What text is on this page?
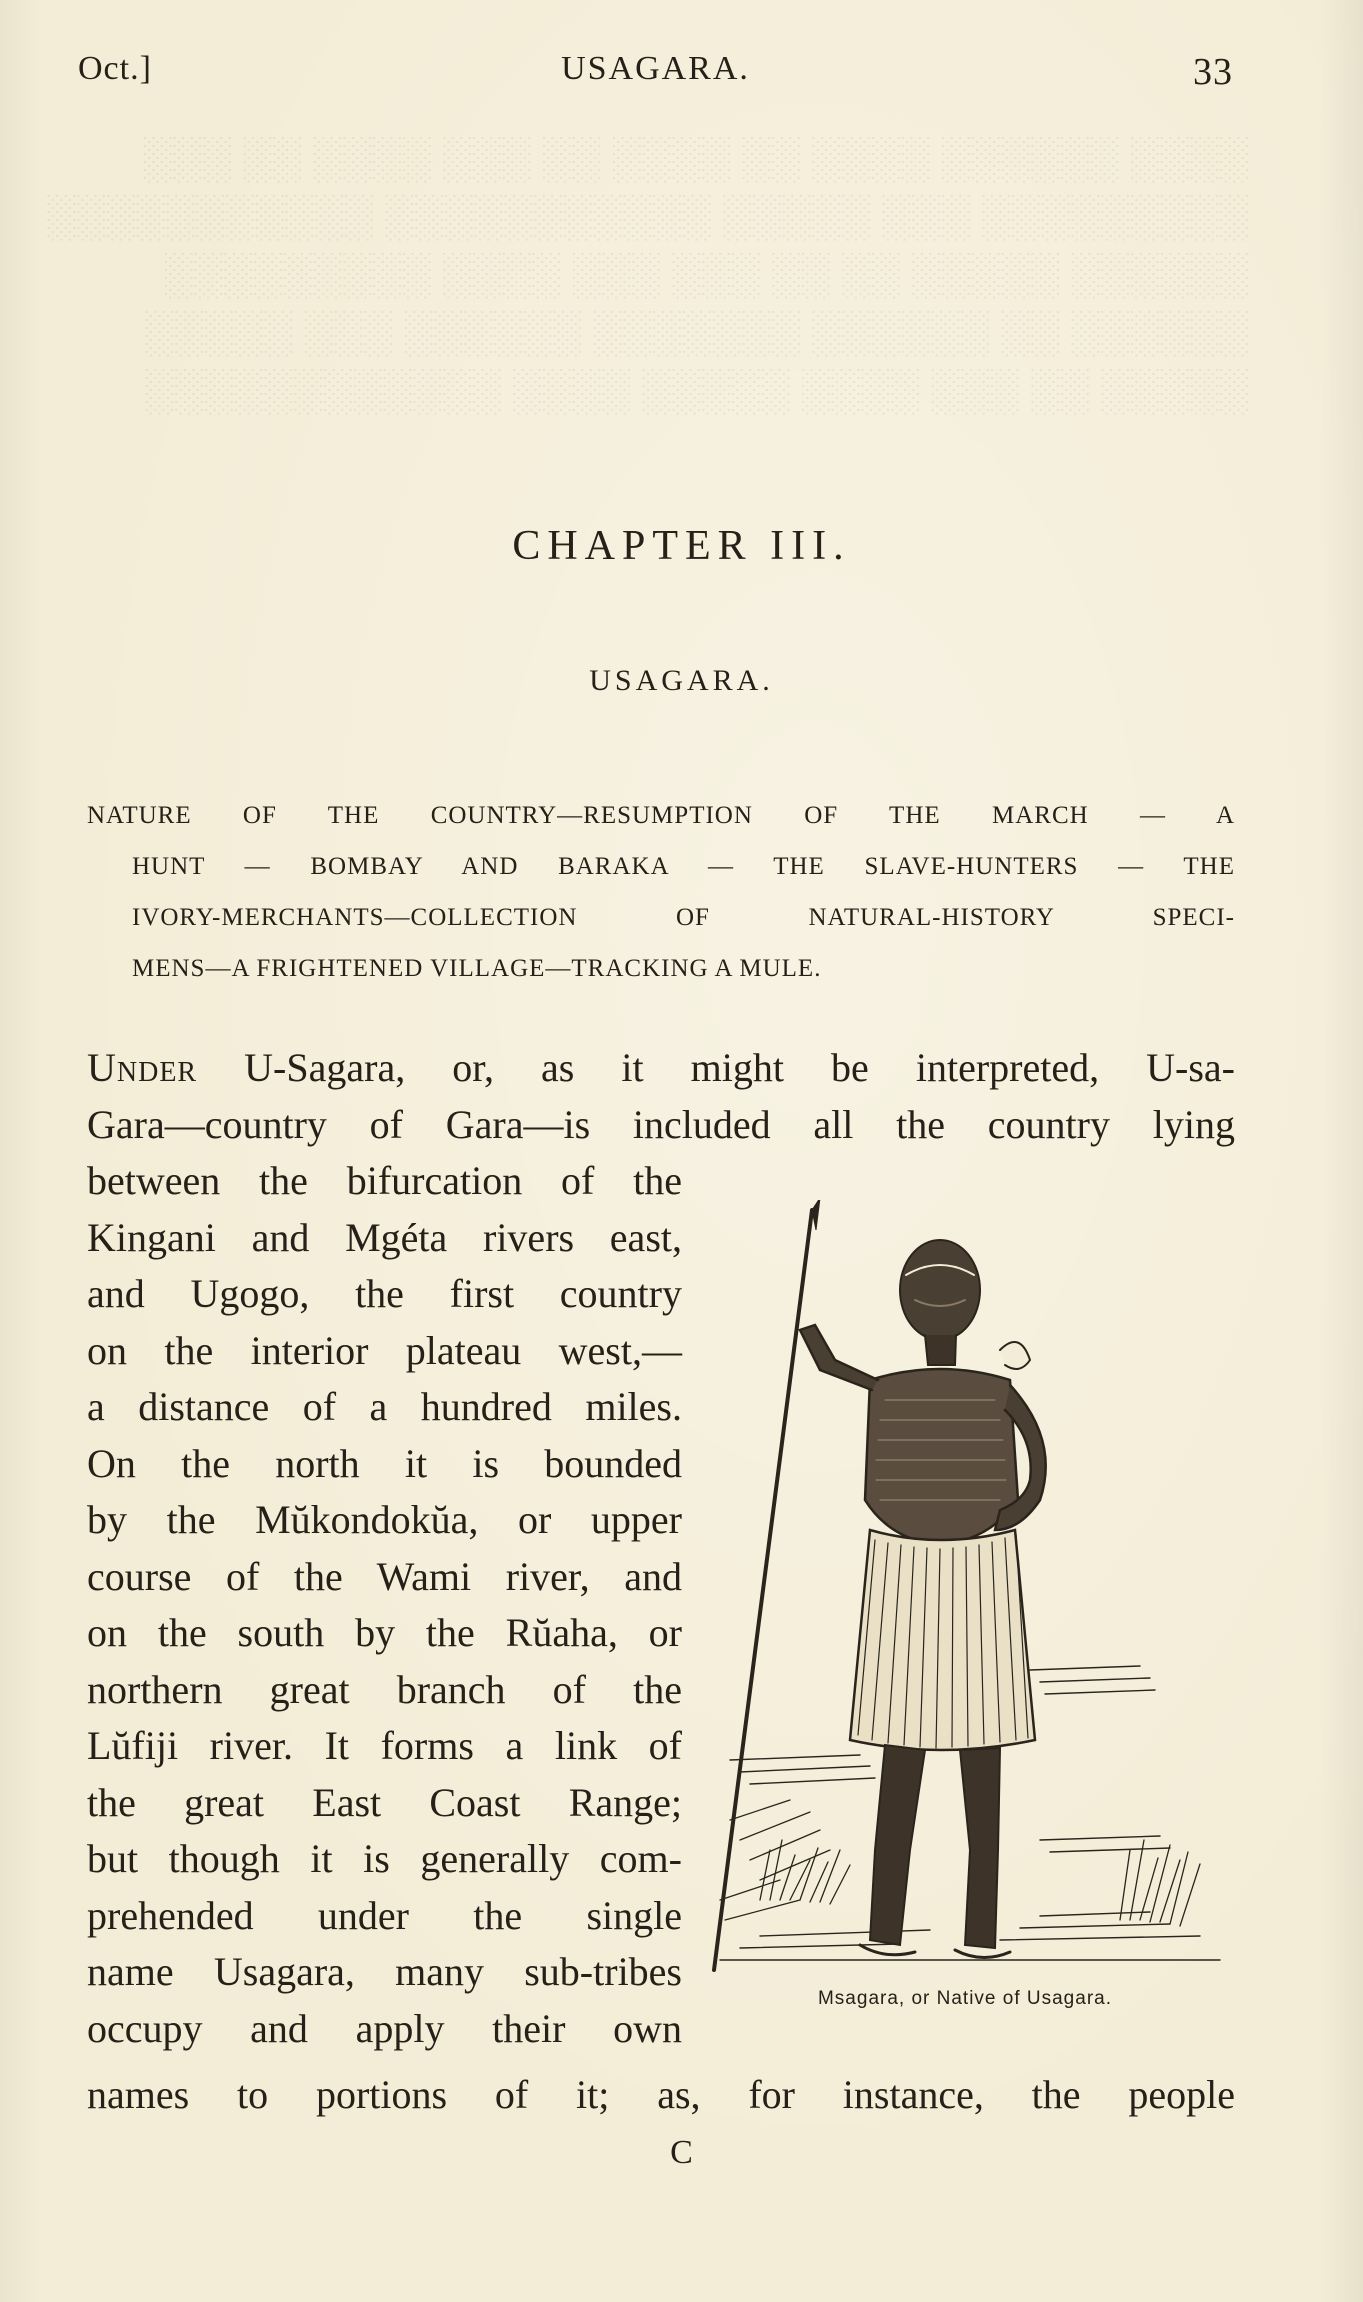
░░░░ ░░░░░░ ░░░░ ░░ ░░░░ ░░ ░░░ ░░░░ ░░ ░░░
░░░░░░░░░ ░░░ ░░░░░ ░░░░░░░░░░░ ░░░░░░░░░░░
░░░░░░ ░░░░░ ░░ ░░ ░░░ ░░░ ░░░░ ░░░░░░░░░
░░░░░░ ░░ ░░░░░░ ░░░░░░░ ░░░░░░ ░░░ ░░░░░
░░░░░ ░░ ░░░ ░░░░ ░░░░░ ░░░░ ░░░░░░░░░░░░
Oct.]	USAGARA.	33
CHAPTER III.
USAGARA.
NATURE OF THE COUNTRY—RESUMPTION OF THE MARCH — A
HUNT — BOMBAY AND BARAKA — THE SLAVE-HUNTERS — THE
IVORY-MERCHANTS—COLLECTION OF NATURAL-HISTORY SPECI-
MENS—A FRIGHTENED VILLAGE—TRACKING A MULE.
Under U-Sagara, or, as it might be interpreted, U-sa-
Gara—country of Gara—is included all the country lying
between the bifurcation of the
Kingani and Mgéta rivers east,
and Ugogo, the first country
on the interior plateau west,—
a distance of a hundred miles.
On the north it is bounded
by the Mŭkondokŭa, or upper
course of the Wami river, and
on the south by the Rŭaha, or
northern great branch of the
Lŭfiji river. It forms a link of
the great East Coast Range;
but though it is generally com-
prehended under the single
name Usagara, many sub-tribes
occupy and apply their own
names to portions of it; as, for instance, the people
Msagara, or Native of Usagara.
C
